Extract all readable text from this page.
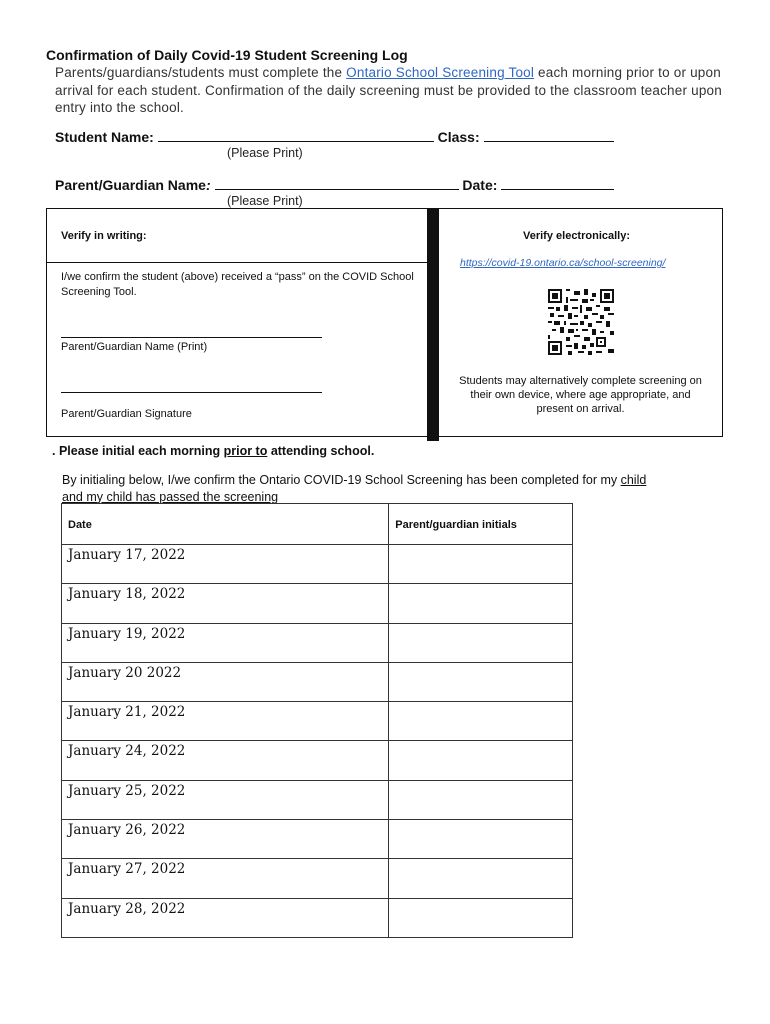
Confirmation of Daily Covid-19 Student Screening Log
Parents/guardians/students must complete the Ontario School Screening Tool each morning prior to or upon arrival for each student. Confirmation of the daily screening must be provided to the classroom teacher upon entry into the school.
Student Name:	Class:
(Please Print)
Parent/Guardian Name:	Date:
(Please Print)
Verify in writing:
I/we confirm the student (above) received a “pass” on the COVID School Screening Tool.
Parent/Guardian Name (Print)
Parent/Guardian Signature
Verify electronically:
https://covid-19.ontario.ca/school-screening/
Students may alternatively complete screening on their own device, where age appropriate, and present on arrival.
. Please initial each morning prior to attending school.
By initialing below, I/we confirm the Ontario COVID-19 School Screening has been completed for my child
and my child has passed the screening
Date	Parent/guardian initials
January 17, 2022	
January 18, 2022	
January 19, 2022	
January 20 2022	
January 21, 2022	
January 24, 2022	
January 25, 2022	
January 26, 2022	
January 27, 2022	
January 28, 2022	
